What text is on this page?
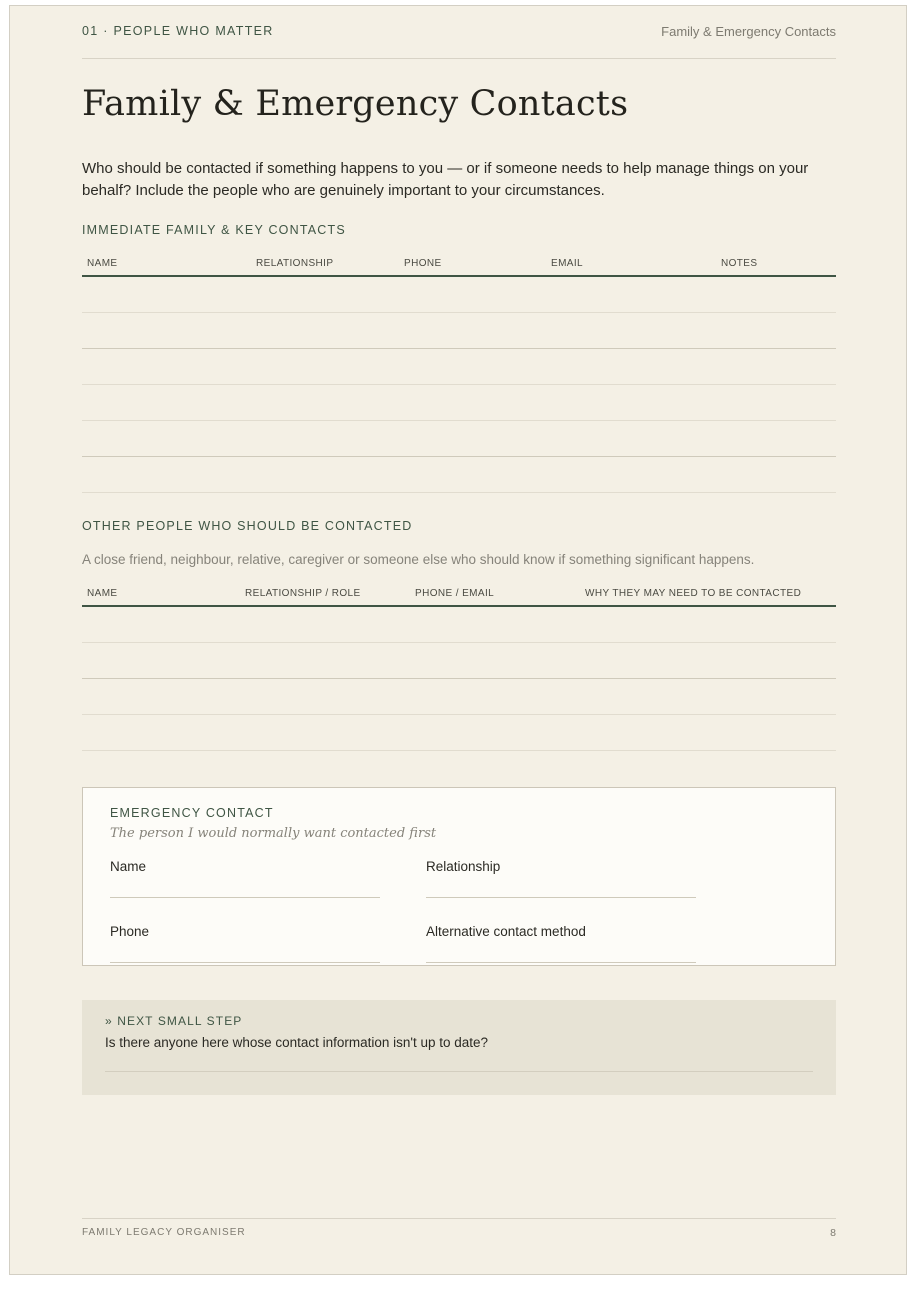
01 · PEOPLE WHO MATTER	Family & Emergency Contacts
Family & Emergency Contacts

Who should be contacted if something happens to you — or if someone needs to help manage things on your behalf? Include the people who are genuinely important to your circumstances.

IMMEDIATE FAMILY & KEY CONTACTS
NAME	RELATIONSHIP	PHONE	EMAIL	NOTES
OTHER PEOPLE WHO SHOULD BE CONTACTED
A close friend, neighbour, relative, caregiver or someone else who should know if something significant happens.
NAME	RELATIONSHIP / ROLE	PHONE / EMAIL	WHY THEY MAY NEED TO BE CONTACTED
EMERGENCY CONTACT
The person I would normally want contacted first
Name	Relationship
Phone	Alternative contact method
» NEXT SMALL STEP
Is there anyone here whose contact information isn't up to date?
FAMILY LEGACY ORGANISER	8
